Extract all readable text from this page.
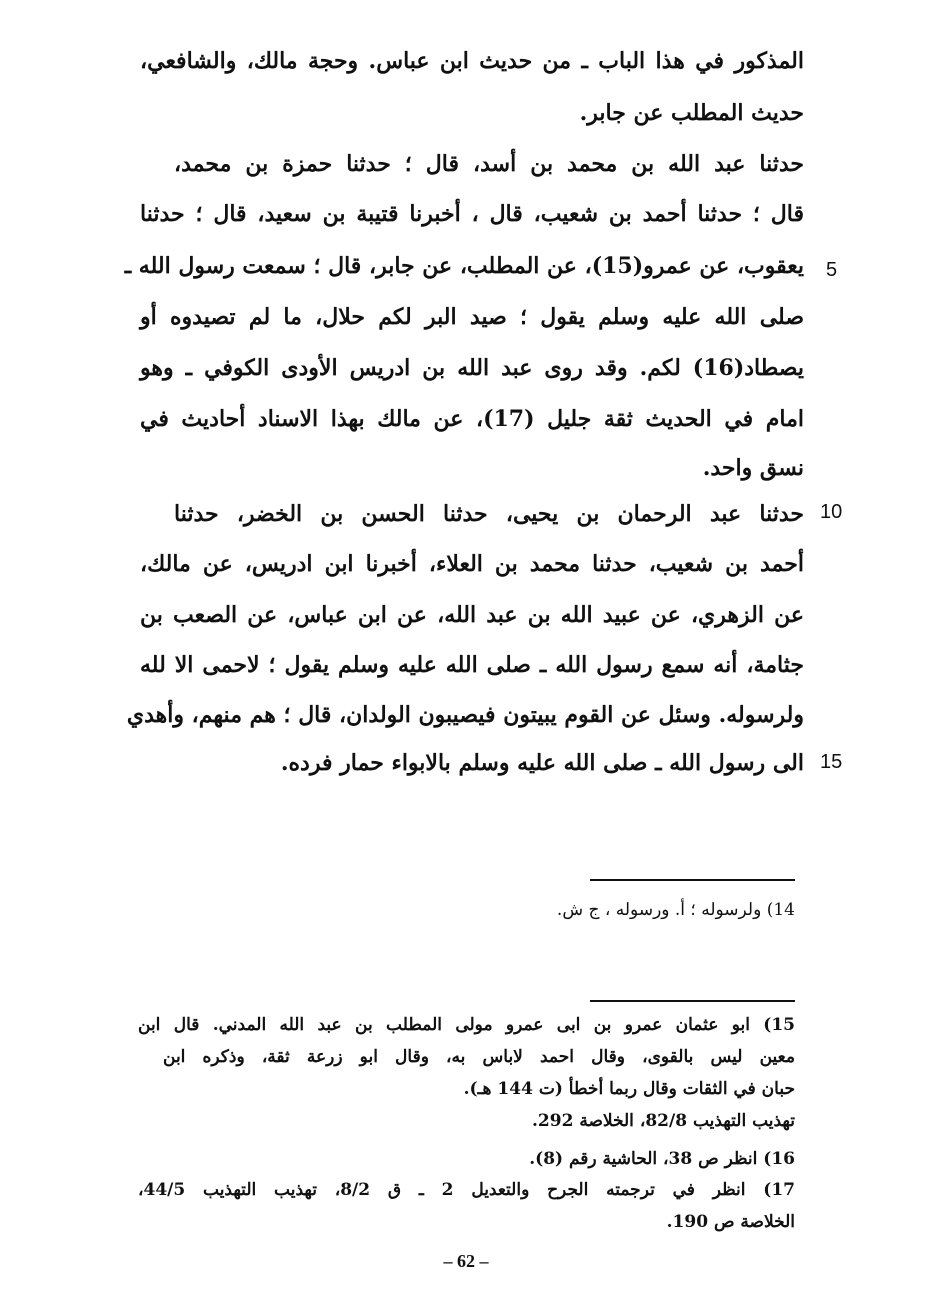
المذكور في هذا الباب ـ من حديث ابن عباس. وحجة مالك، والشافعي،
حديث المطلب عن جابر.
حدثنا عبد الله بن محمد بن أسد، قال ؛ حدثنا حمزة بن محمد،
قال ؛ حدثنا أحمد بن شعيب، قال ، أخبرنا قتيبة بن سعيد، قال ؛ حدثنا
يعقوب، عن عمرو(15)، عن المطلب، عن جابر، قال ؛ سمعت رسول الله ـ
صلى الله عليه وسلم يقول ؛ صيد البر لكم حلال، ما لم تصيدوه أو
يصطاد(16) لكم. وقد روى عبد الله بن ادريس الأودى الكوفي ـ وهو
امام في الحديث ثقة جليل (17)، عن مالك بهذا الاسناد أحاديث في
نسق واحد.
حدثنا عبد الرحمان بن يحيى، حدثنا الحسن بن الخضر، حدثنا
أحمد بن شعيب، حدثنا محمد بن العلاء، أخبرنا ابن ادريس، عن مالك،
عن الزهري، عن عبيد الله بن عبد الله، عن ابن عباس، عن الصعب بن
جثامة، أنه سمع رسول الله ـ صلى الله عليه وسلم يقول ؛ لاحمى الا لله
ولرسوله. وسئل عن القوم يبيتون فيصيبون الولدان، قال ؛ هم منهم، وأهدي
الى رسول الله ـ صلى الله عليه وسلم بالابواء حمار فرده.
5
10
15
14) ولرسوله ؛ أ. ورسوله ، ج ش.
15) ابو عثمان عمرو بن ابى عمرو مولى المطلب بن عبد الله المدني. قال ابن
معين ليس بالقوى، وقال احمد لاباس به، وقال ابو زرعة ثقة، وذكره ابن
حبان في الثقات وقال ربما أخطأ (ت 144 هـ).
تهذيب التهذيب 82/8، الخلاصة 292.
16) انظر ص 38، الحاشية رقم (8).
17) انظر في ترجمته الجرح والتعديل 2 ـ ق 8/2، تهذيب التهذيب 44/5،
الخلاصة ص 190.
– 62 –
